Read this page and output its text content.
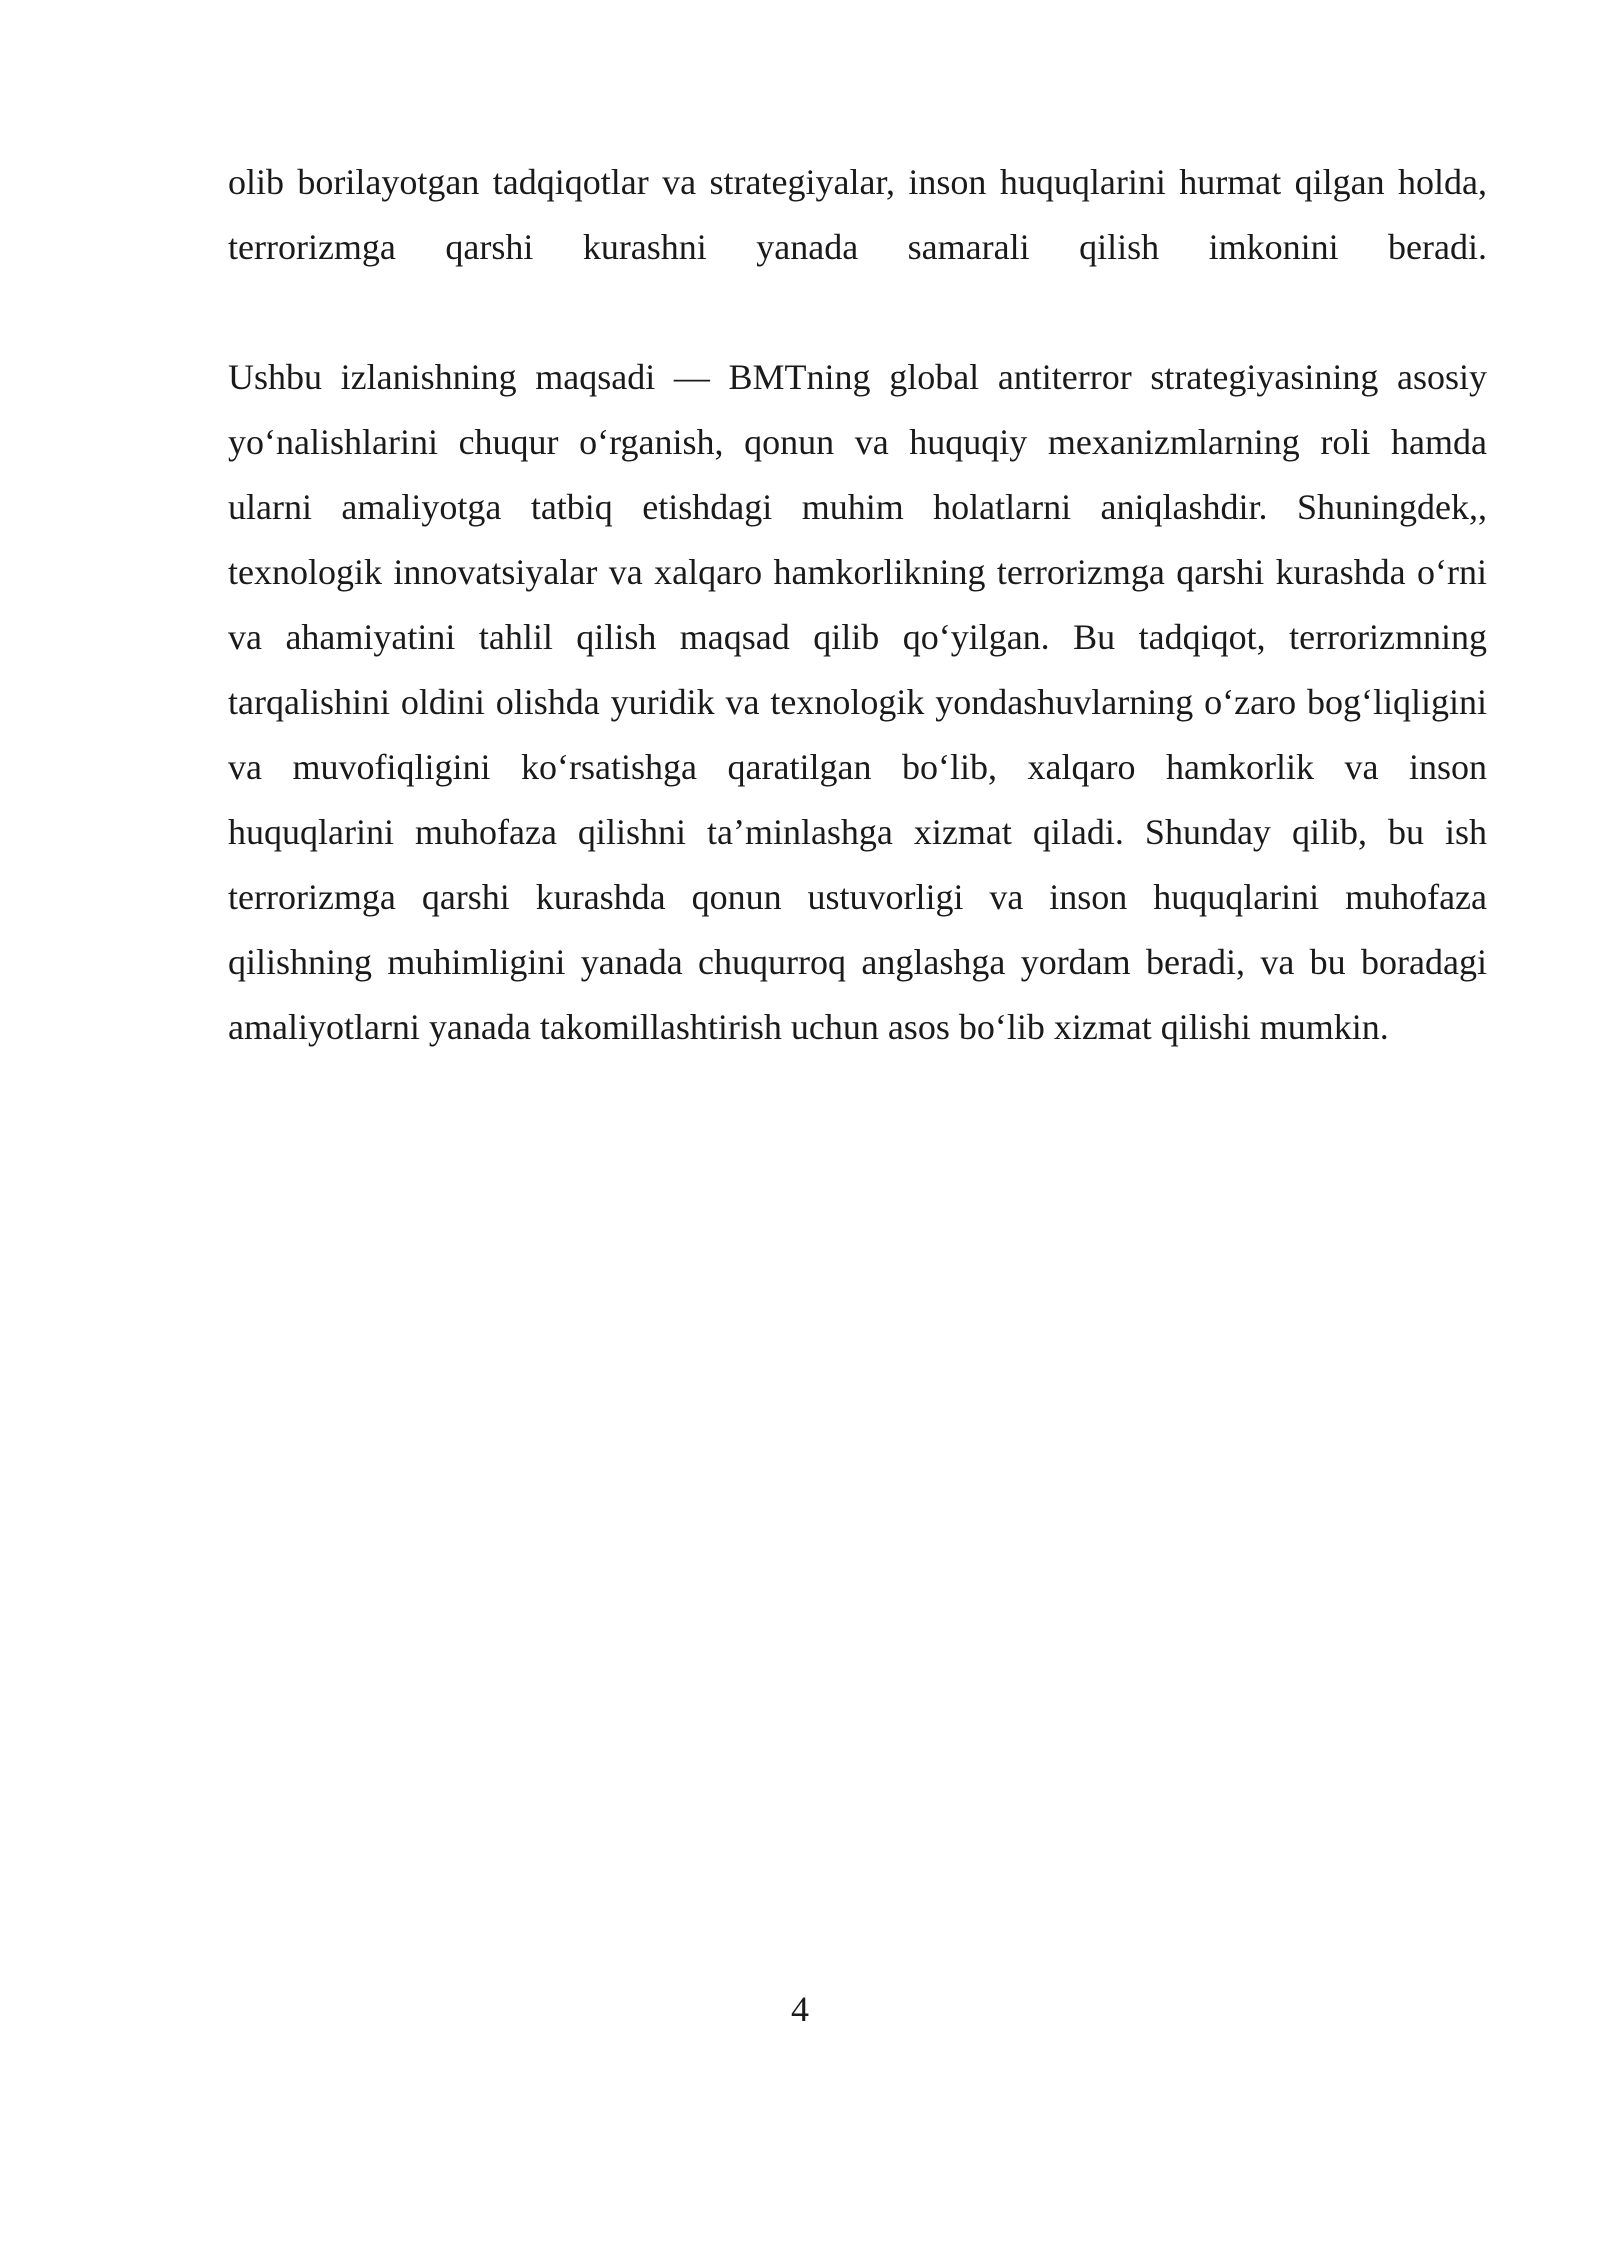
olib borilayotgan tadqiqotlar va strategiyalar, inson huquqlarini hurmat qilgan holda, terrorizmga qarshi kurashni yanada samarali qilish imkonini beradi.

Ushbu izlanishning maqsadi — BMTning global antiterror strategiyasining asosiy yoʻnalishlarini chuqur oʻrganish, qonun va huquqiy mexanizmlarning roli hamda ularni amaliyotga tatbiq etishdagi muhim holatlarni aniqlashdir. Shuningdek,, texnologik innovatsiyalar va xalqaro hamkorlikning terrorizmga qarshi kurashda oʻrni va ahamiyatini tahlil qilish maqsad qilib qoʻyilgan. Bu tadqiqot, terrorizmning tarqalishini oldini olishda yuridik va texnologik yondashuvlarning oʻzaro bogʻliqligini va muvofiqligini koʻrsatishga qaratilgan boʻlib, xalqaro hamkorlik va inson huquqlarini muhofaza qilishni taʼminlashga xizmat qiladi. Shunday qilib, bu ish terrorizmga qarshi kurashda qonun ustuvorligi va inson huquqlarini muhofaza qilishning muhimligini yanada chuqurroq anglashga yordam beradi, va bu boradagi amaliyotlarni yanada takomillashtirish uchun asos boʻlib xizmat qilishi mumkin.

4
